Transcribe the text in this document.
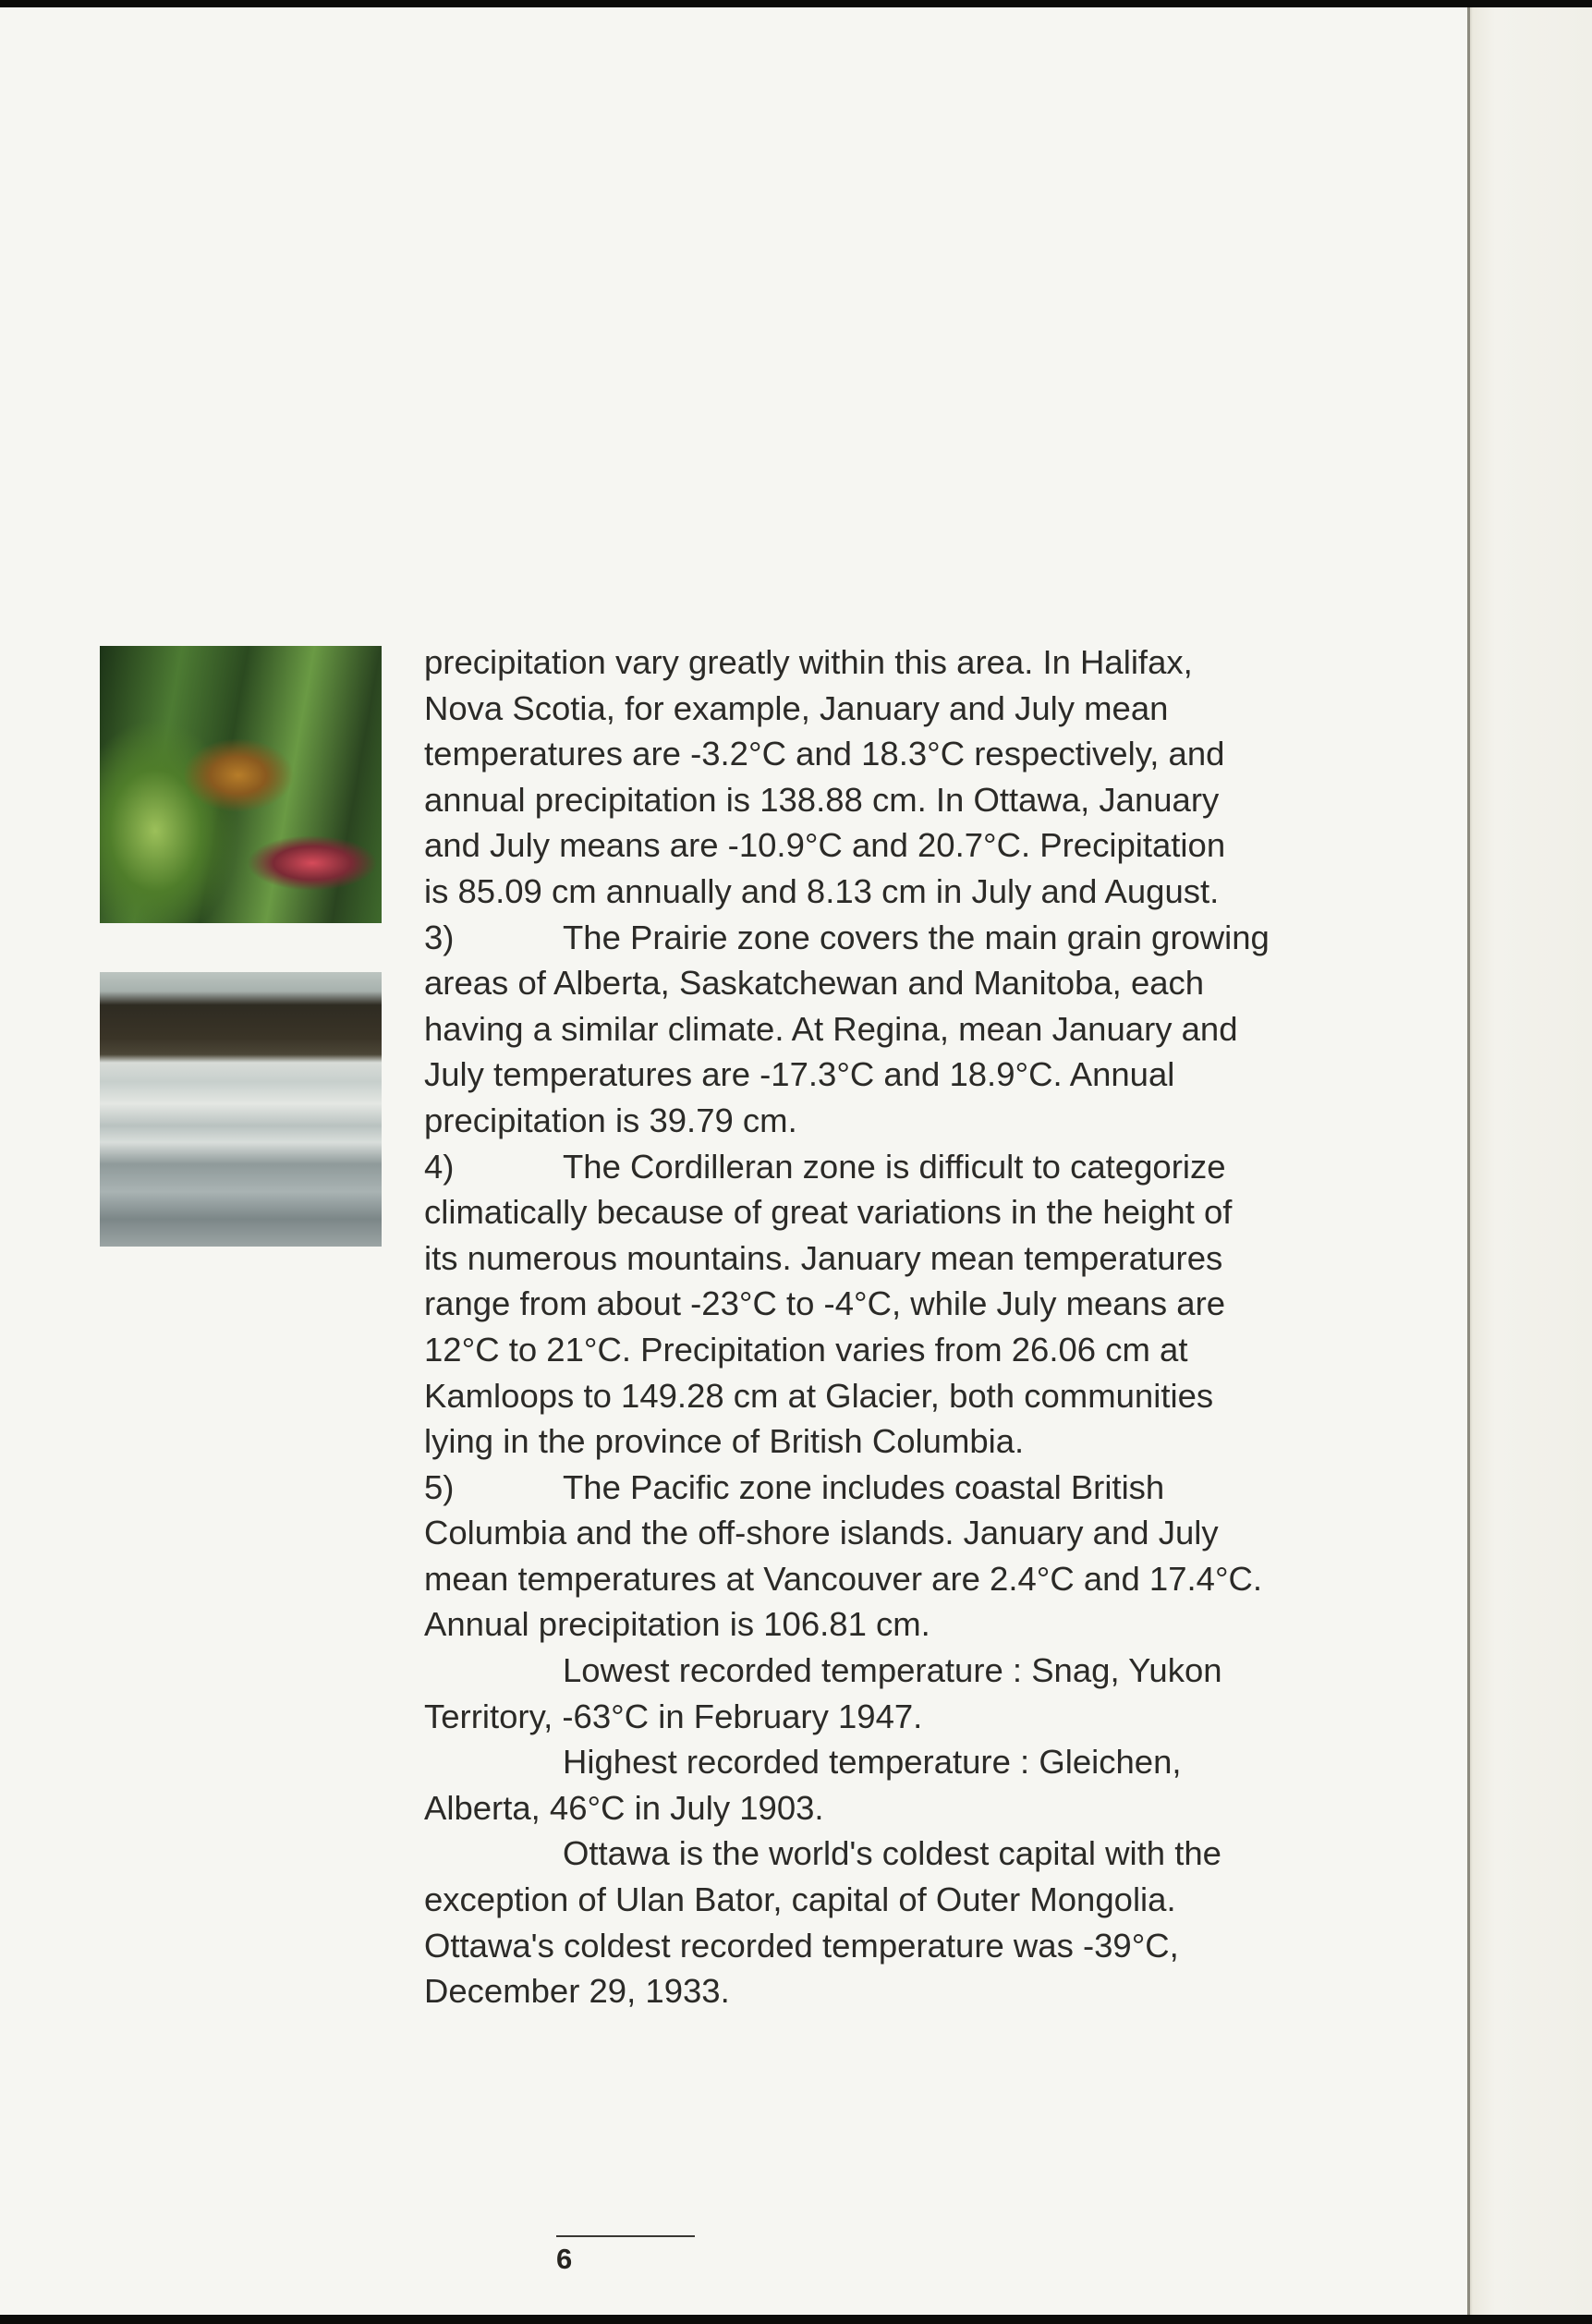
precipitation vary greatly within this area. In Halifax,
Nova Scotia, for example, January and July mean
temperatures are -3.2°C and 18.3°C respectively, and
annual precipitation is 138.88 cm. In Ottawa, January
and July means are -10.9°C and 20.7°C. Precipitation
is 85.09 cm annually and 8.13 cm in July and August.
3)	The Prairie zone covers the main grain growing
areas of Alberta, Saskatchewan and Manitoba, each
having a similar climate. At Regina, mean January and
July temperatures are -17.3°C and 18.9°C. Annual
precipitation is 39.79 cm.
4)	The Cordilleran zone is difficult to categorize
climatically because of great variations in the height of
its numerous mountains. January mean temperatures
range from about -23°C to -4°C, while July means are
12°C to 21°C. Precipitation varies from 26.06 cm at
Kamloops to 149.28 cm at Glacier, both communities
lying in the province of British Columbia.
5)	The Pacific zone includes coastal British
Columbia and the off-shore islands. January and July
mean temperatures at Vancouver are 2.4°C and 17.4°C.
Annual precipitation is 106.81 cm.
Lowest recorded temperature : Snag, Yukon
Territory, -63°C in February 1947.
Highest recorded temperature : Gleichen,
Alberta, 46°C in July 1903.
Ottawa is the world's coldest capital with the
exception of Ulan Bator, capital of Outer Mongolia.
Ottawa's coldest recorded temperature was -39°C,
December 29, 1933.
6
